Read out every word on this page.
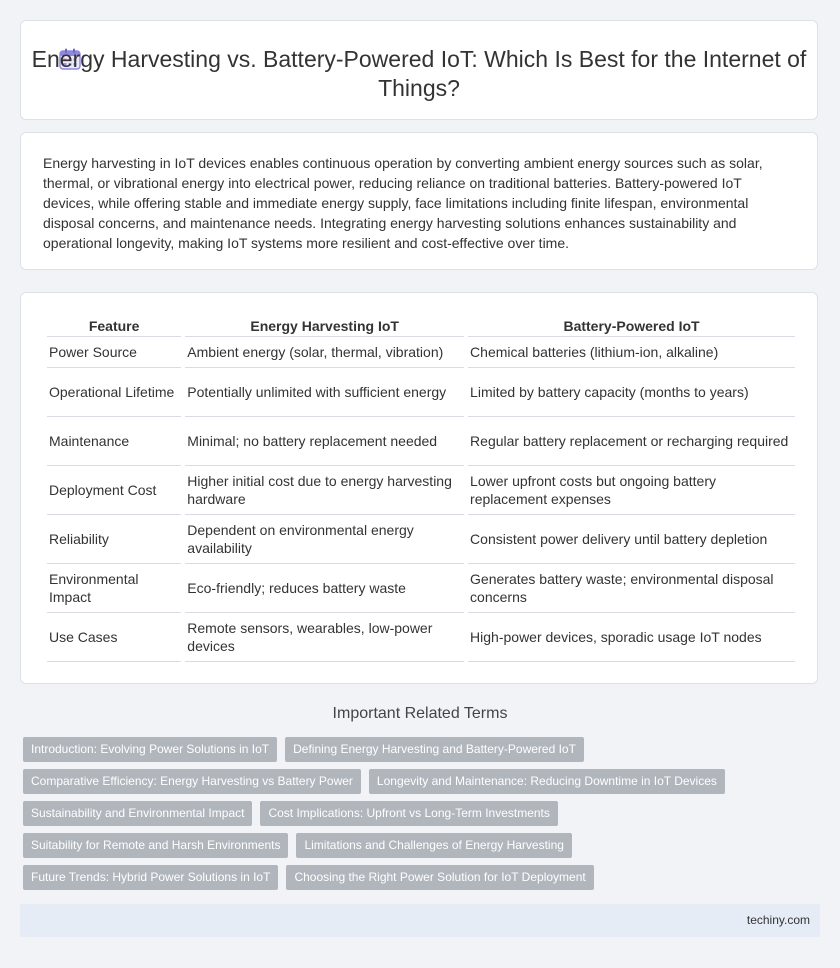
Energy Harvesting vs. Battery-Powered IoT: Which Is Best for the Internet of Things?

Energy harvesting in IoT devices enables continuous operation by converting ambient energy sources such as solar, thermal, or vibrational energy into electrical power, reducing reliance on traditional batteries. Battery-powered IoT devices, while offering stable and immediate energy supply, face limitations including finite lifespan, environmental disposal concerns, and maintenance needs. Integrating energy harvesting solutions enhances sustainability and operational longevity, making IoT systems more resilient and cost-effective over time.

Feature	Energy Harvesting IoT	Battery-Powered IoT
Power Source	Ambient energy (solar, thermal, vibration)	Chemical batteries (lithium-ion, alkaline)
Operational Lifetime	Potentially unlimited with sufficient energy	Limited by battery capacity (months to years)
Maintenance	Minimal; no battery replacement needed	Regular battery replacement or recharging required
Deployment Cost	Higher initial cost due to energy harvesting hardware	Lower upfront costs but ongoing battery replacement expenses
Reliability	Dependent on environmental energy availability	Consistent power delivery until battery depletion
Environmental Impact	Eco-friendly; reduces battery waste	Generates battery waste; environmental disposal concerns
Use Cases	Remote sensors, wearables, low-power devices	High-power devices, sporadic usage IoT nodes
Important Related Terms
Introduction: Evolving Power Solutions in IoT	Defining Energy Harvesting and Battery-Powered IoT
Comparative Efficiency: Energy Harvesting vs Battery Power	Longevity and Maintenance: Reducing Downtime in IoT Devices
Sustainability and Environmental Impact	Cost Implications: Upfront vs Long-Term Investments
Suitability for Remote and Harsh Environments	Limitations and Challenges of Energy Harvesting
Future Trends: Hybrid Power Solutions in IoT	Choosing the Right Power Solution for IoT Deployment
techiny.com
